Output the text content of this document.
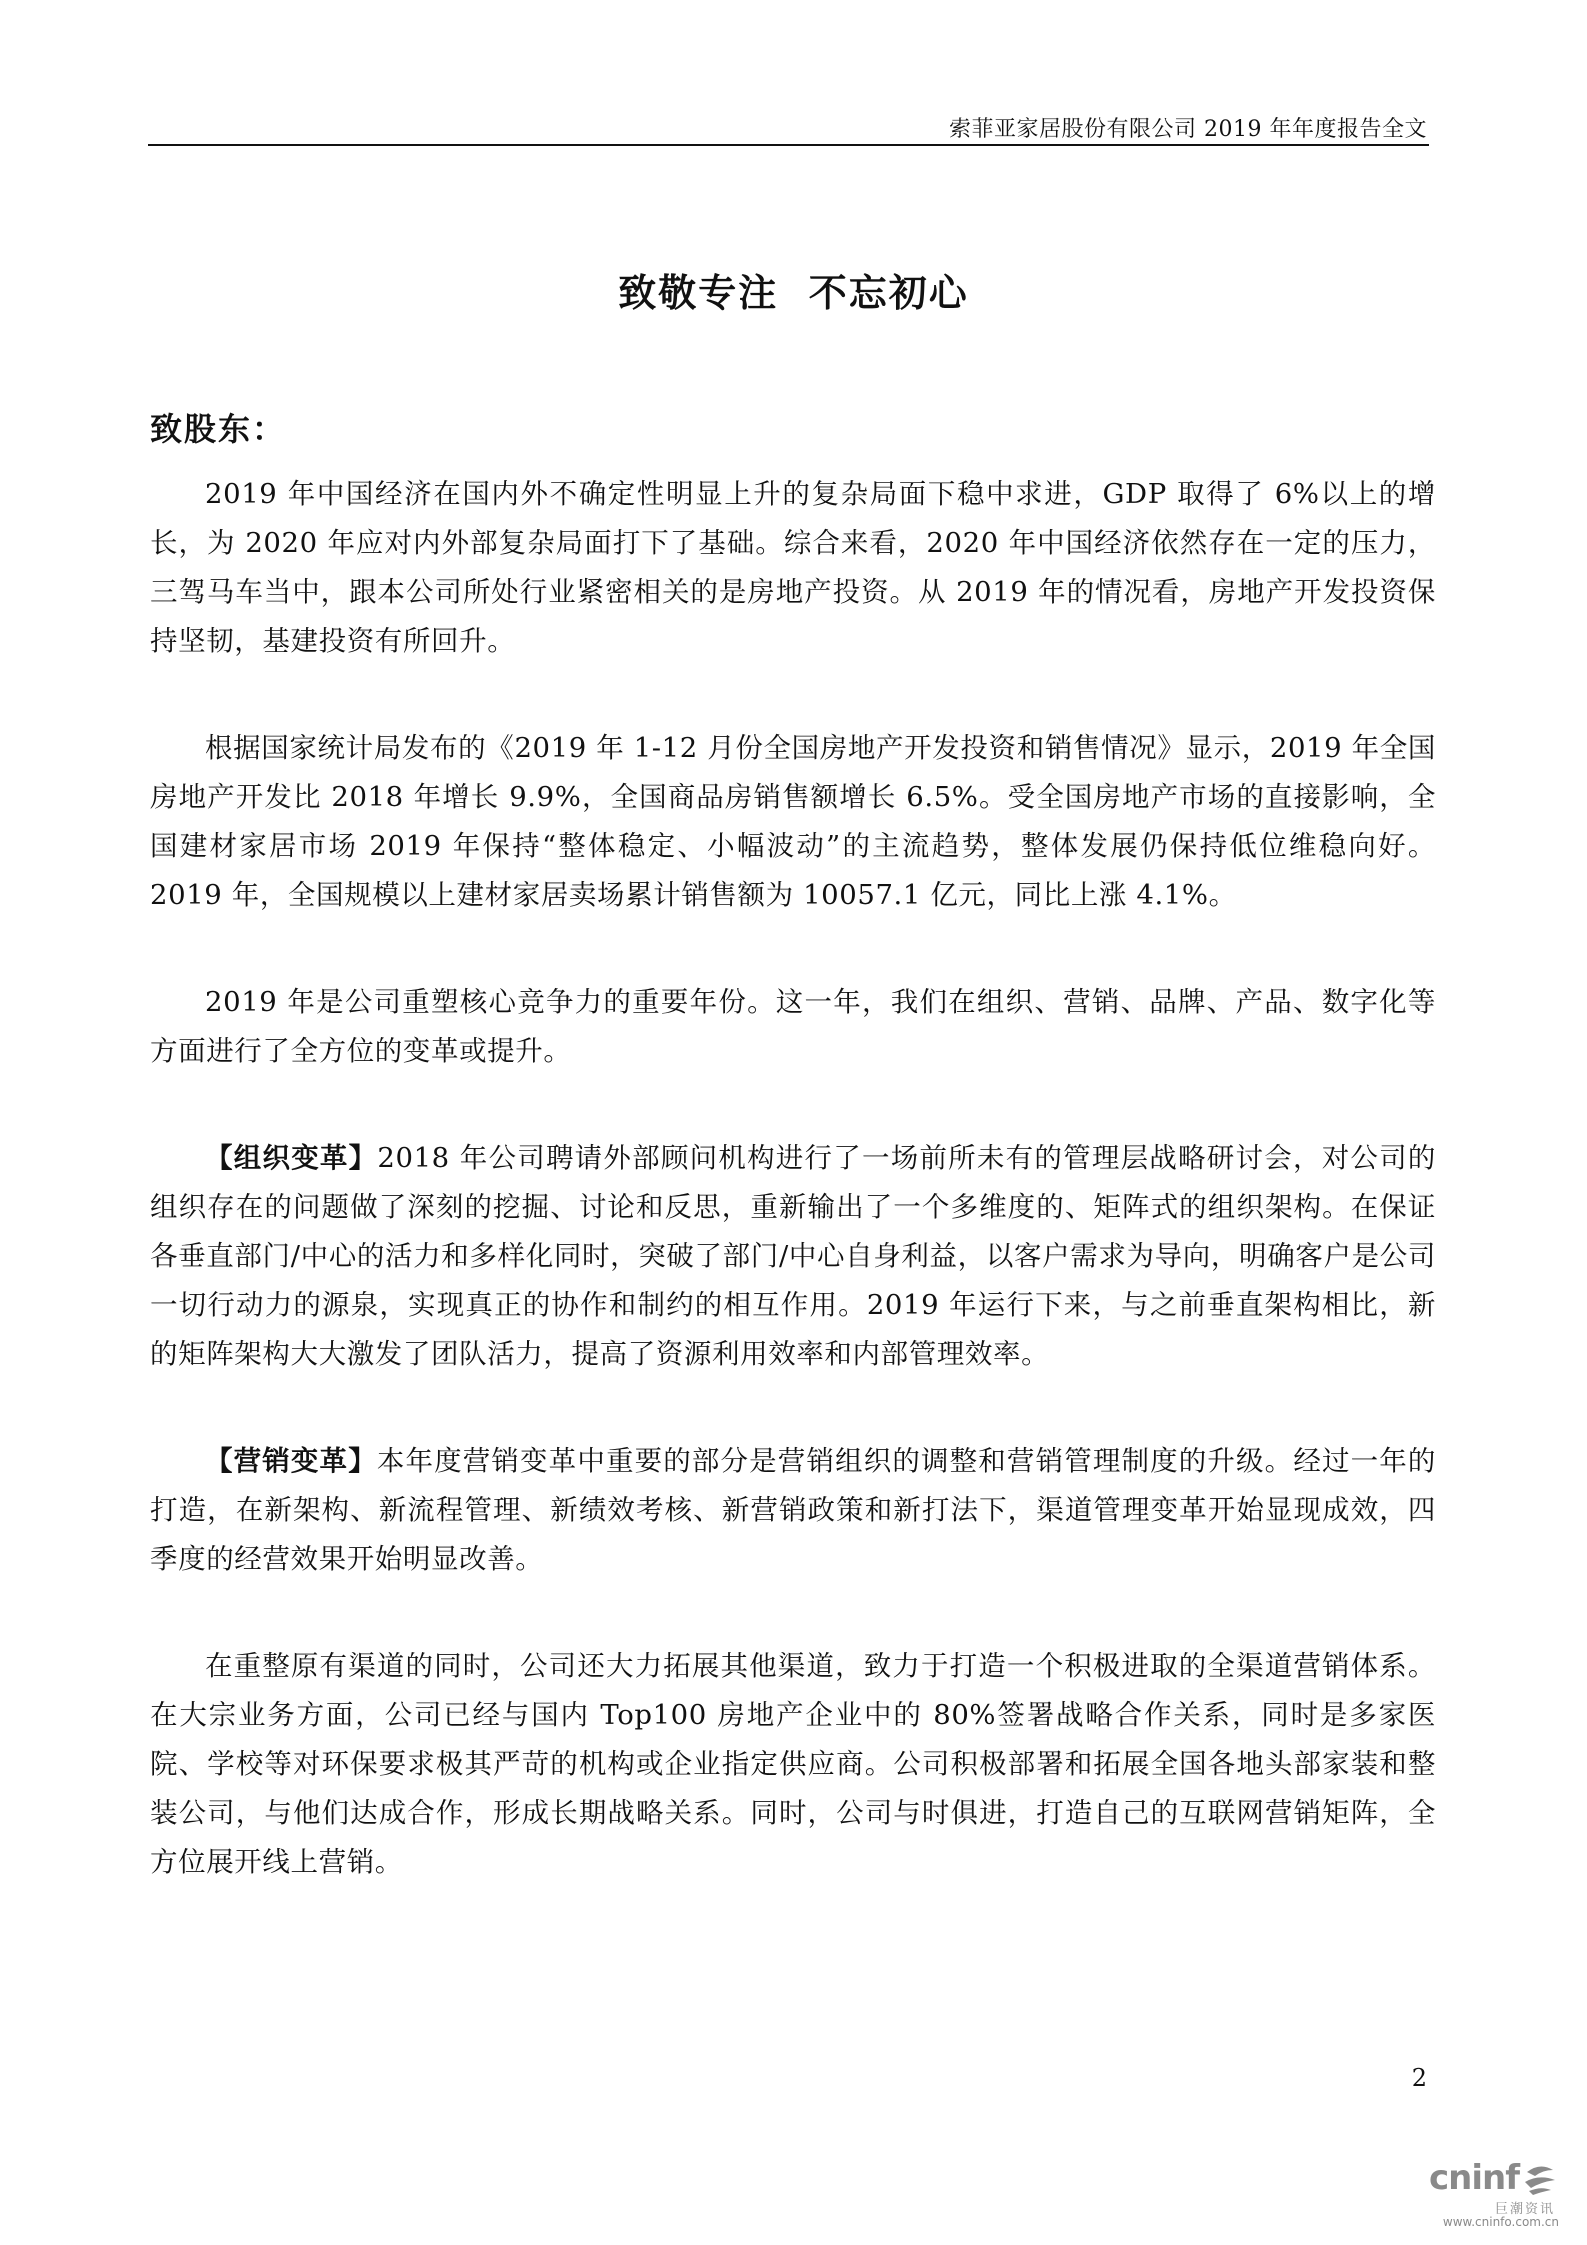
索菲亚家居股份有限公司 2019 年年度报告全文
致敬专注  不忘初心
致股东：

2019 年中国经济在国内外不确定性明显上升的复杂局面下稳中求进，GDP 取得了 6%以上的增长，为 2020 年应对内外部复杂局面打下了基础。综合来看，2020 年中国经济依然存在一定的压力，三驾马车当中，跟本公司所处行业紧密相关的是房地产投资。从 2019 年的情况看，房地产开发投资保持坚韧，基建投资有所回升。

根据国家统计局发布的《2019 年 1-12 月份全国房地产开发投资和销售情况》显示，2019 年全国房地产开发比 2018 年增长 9.9%，全国商品房销售额增长 6.5%。受全国房地产市场的直接影响，全国建材家居市场 2019 年保持“整体稳定、小幅波动”的主流趋势，整体发展仍保持低位维稳向好。2019 年，全国规模以上建材家居卖场累计销售额为 10057.1 亿元，同比上涨 4.1%。

2019 年是公司重塑核心竞争力的重要年份。这一年，我们在组织、营销、品牌、产品、数字化等方面进行了全方位的变革或提升。

【组织变革】2018 年公司聘请外部顾问机构进行了一场前所未有的管理层战略研讨会，对公司的组织存在的问题做了深刻的挖掘、讨论和反思，重新输出了一个多维度的、矩阵式的组织架构。在保证各垂直部门/中心的活力和多样化同时，突破了部门/中心自身利益，以客户需求为导向，明确客户是公司一切行动力的源泉，实现真正的协作和制约的相互作用。2019 年运行下来，与之前垂直架构相比，新的矩阵架构大大激发了团队活力，提高了资源利用效率和内部管理效率。

【营销变革】本年度营销变革中重要的部分是营销组织的调整和营销管理制度的升级。经过一年的打造，在新架构、新流程管理、新绩效考核、新营销政策和新打法下，渠道管理变革开始显现成效，四季度的经营效果开始明显改善。

在重整原有渠道的同时，公司还大力拓展其他渠道，致力于打造一个积极进取的全渠道营销体系。在大宗业务方面，公司已经与国内 Top100 房地产企业中的 80%签署战略合作关系，同时是多家医院、学校等对环保要求极其严苛的机构或企业指定供应商。公司积极部署和拓展全国各地头部家装和整装公司，与他们达成合作，形成长期战略关系。同时，公司与时俱进，打造自己的互联网营销矩阵，全方位展开线上营销。

2
cninf
巨潮资讯
www.cninfo.com.cn
